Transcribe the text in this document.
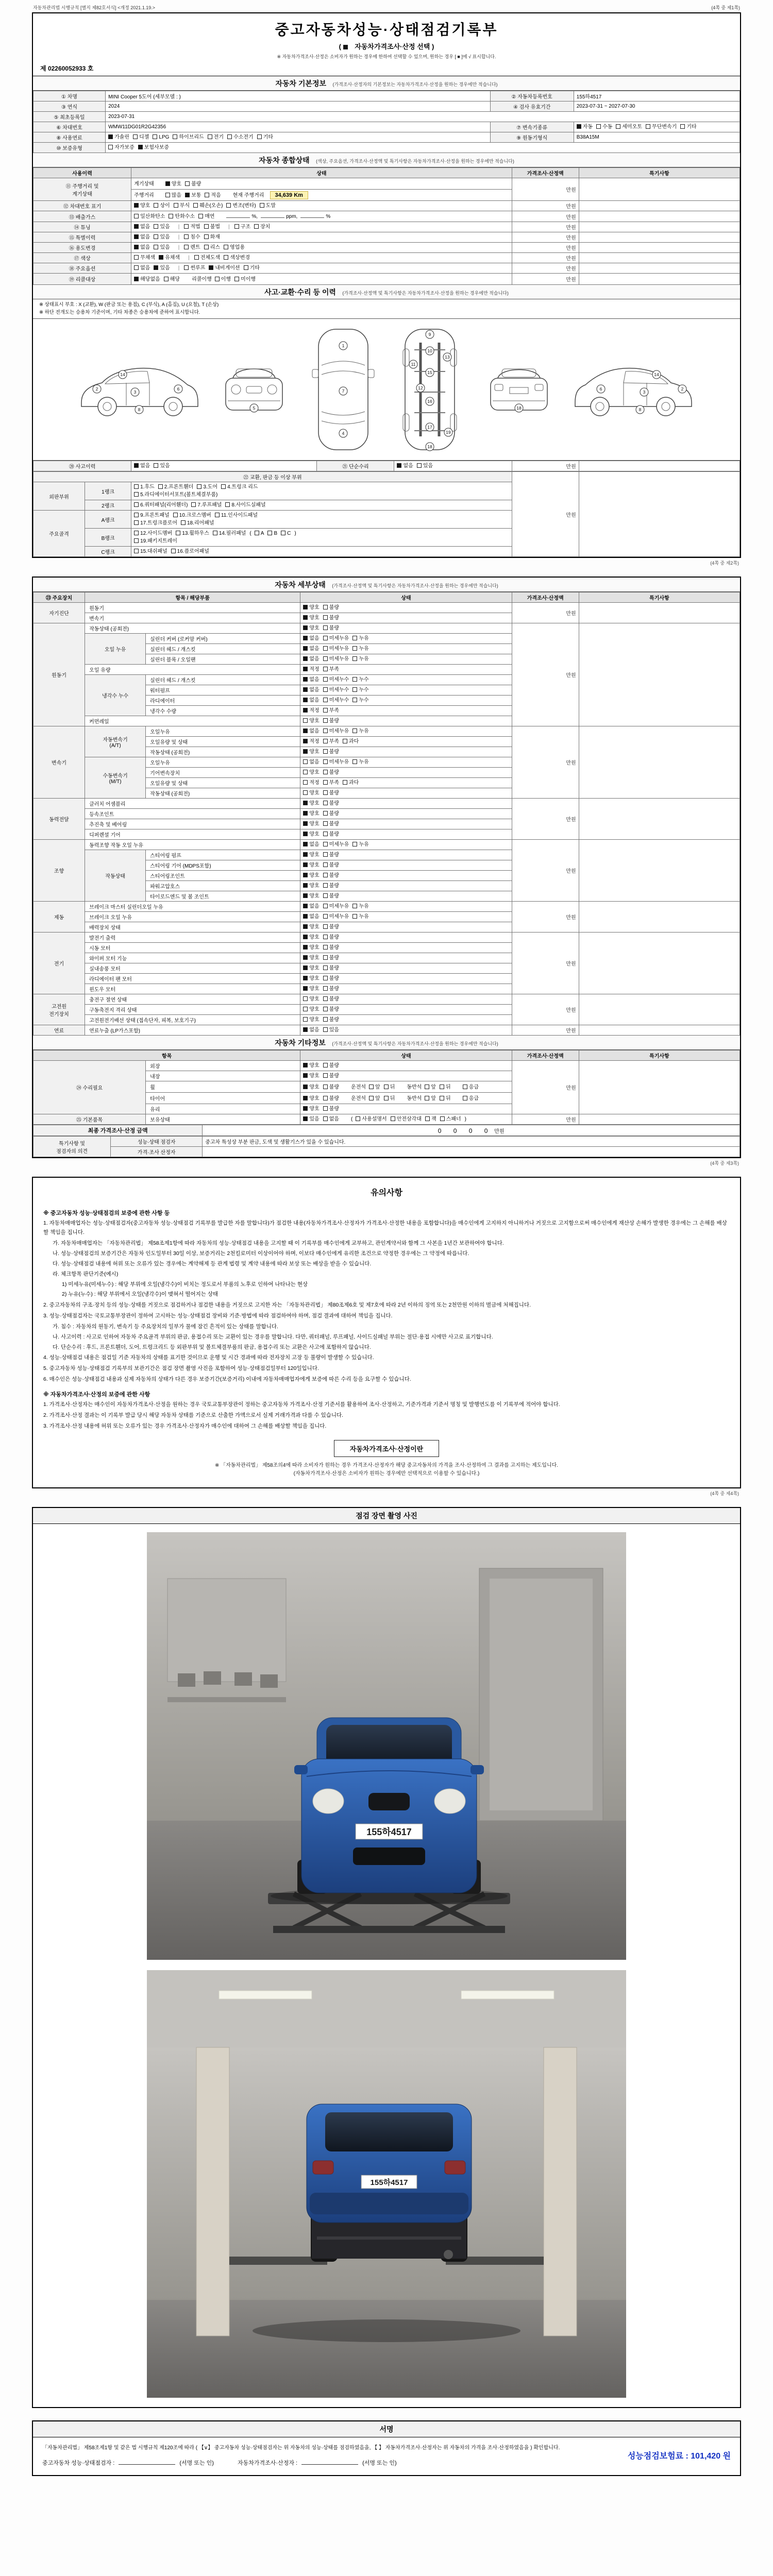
자동차관리법 시행규칙 [별지 제82호서식] <개정 2021.1.19.>	(4쪽 중 제1쪽)
중고자동차성능·상태점검기록부
( 자동차가격조사·산정 선택 )
※ 자동차가격조사·산정은 소비자가 원하는 경우에 한하여 선택할 수 있으며, 원하는 경우 [ ■ ]에 √ 표시합니다.
제 02260052933 호
자동차 기본정보 (가격조사·산정자의 기본정보는 자동차가격조사·산정을 원하는 경우에만 적습니다)
① 차명	MINI Cooper 5도어 (세부모델 : )	② 자동차등록번호	155하4517
③ 연식	2024	④ 검사 유효기간	2023-07-31 ~ 2027-07-30
⑤ 최초등록일	2023-07-31		
⑥ 차대번호	WMW11DG01R2G42356	⑦ 변속기종류	자동 수동 세미오토 무단변속기 기타
⑧ 사용연료	가솔린 디젤 LPG 하이브리드 전기 수소전기 기타	⑨ 원동기형식	B38A15M
⑩ 보증유형	자가보증 보험사보증		
자동차 종합상태 (색상, 주요옵션, 가격조사·산정액 및 특기사항은 자동차가격조사·산정을 원하는 경우에만 적습니다)
사용이력	상태	가격조사·산정액	특기사항
⑪ 주행거리 및
계기상태	계기상태 양호 불량	만원	
	주행거리 많음 보통 적음 현재 주행거리 34,639 Km		
⑫ 차대번호 표기	양호 상이 부식 훼손(오손) 변조(변타) 도말	만원	
⑬ 배출가스	일산화탄소 탄화수소 매연 %, ppm, %	만원	
⑭ 튜닝	없음 있음 | 적법 불법 | 구조 장치	만원	
⑮ 특별이력	없음 있음 | 침수 화재	만원	
⑯ 용도변경	없음 있음 | 렌트 리스 영업용	만원	
⑰ 색상	무채색 유채색 | 전체도색 색상변경	만원	
⑱ 주요옵션	없음 있음 | 썬루프 내비게이션 기타	만원	
⑲ 리콜대상	해당없음 해당 리콜이행 이행 미이행	만원	
사고·교환·수리 등 이력 (가격조사·산정액 및 특기사항은 자동차가격조사·산정을 원하는 경우에만 적습니다)
※ 상태표시 부호 : X (교환), W (판금 또는 용접), C (부식), A (흠집), U (요철), T (손상)
※ 하단 전개도는 승용차 기준이며, 기타 차종은 승용차에 준하여 표시합니다.
2
3
6
8
14
5
1
7
4
9
10
11
12
13
15
16
17
18
19
18
2
3
6
8
14
⑳ 사고이력	없음 있음	㉑ 단순수리	없음 있음	만원	
㉒ 교환, 판금 등 이상 부위			만원	
외판부위	1랭크	1.후드 2.프론트휀더 3.도어 4.트렁크 리드
5.라디에이터서포트(볼트체결부품)		
	2랭크	6.쿼터패널(리어휀더) 7.루프패널 8.사이드실패널		
주요골격	A랭크	9.프론트패널 10.크로스멤버 11.인사이드패널
17.트렁크플로어 18.리어패널		
	B랭크	12.사이드멤버 13.휠하우스 14.필러패널 ( A B C )
19.패키지트레이		
	C랭크	15.대쉬패널 16.플로어패널		
(4쪽 중 제2쪽)
자동차 세부상태 (가격조사·산정액 및 특기사항은 자동차가격조사·산정을 원하는 경우에만 적습니다)
㉓ 주요장치	항목 / 해당부품		상태	가격조사·산정액	특기사항
자기진단	원동기		양호 불량	만원	
	변속기		양호 불량		
원동기	작동상태 (공회전)		양호 불량	만원	
	오일 누유	실린더 커버 (로커암 커버)	없음 미세누유 누유		
		실린더 헤드 / 개스킷	없음 미세누유 누유		
		실린더 블록 / 오일팬	없음 미세누유 누유		
	오일 유량		적정 부족		
	냉각수 누수	실린더 헤드 / 개스킷	없음 미세누수 누수		
		워터펌프	없음 미세누수 누수		
		라디에이터	없음 미세누수 누수		
		냉각수 수량	적정 부족		
	커먼레일		양호 불량		
변속기	자동변속기
(A/T)	오일누유	없음 미세누유 누유	만원	
		오일유량 및 상태	적정 부족 과다		
		작동상태 (공회전)	양호 불량		
	수동변속기
(M/T)	오일누유	없음 미세누유 누유		
		기어변속장치	양호 불량		
		오일유량 및 상태	적정 부족 과다		
		작동상태 (공회전)	양호 불량		
동력전달	클러치 어셈블리		양호 불량	만원	
	등속조인트		양호 불량		
	추진축 및 베어링		양호 불량		
	디퍼렌셜 기어		양호 불량		
조향	동력조향 작동 오일 누유		없음 미세누유 누유	만원	
	작동상태	스티어링 펌프	양호 불량		
		스티어링 기어 (MDPS포함)	양호 불량		
		스티어링조인트	양호 불량		
		파워고압호스	양호 불량		
		타이로드엔드 및 볼 조인트	양호 불량		
제동	브레이크 마스터 실린더오일 누유		없음 미세누유 누유	만원	
	브레이크 오일 누유		없음 미세누유 누유		
	배력장치 상태		양호 불량		
전기	발전기 출력		양호 불량	만원	
	시동 모터		양호 불량		
	와이퍼 모터 기능		양호 불량		
	실내송풍 모터		양호 불량		
	라디에이터 팬 모터		양호 불량		
	윈도우 모터		양호 불량		
고전원
전기장치	충전구 절연 상태		양호 불량	만원	
	구동축전지 격리 상태		양호 불량		
	고전원전기배선 상태 (접속단자, 피복, 보호기구)		양호 불량		
연료	연료누출 (LP가스포함)		없음 있음	만원	
자동차 기타정보 (가격조사·산정액 및 특기사항은 자동차가격조사·산정을 원하는 경우에만 적습니다)
항목		상태	가격조사·산정액	특기사항
㉔ 수리필요	외장	양호 불량	만원	
	내장	양호 불량		
	휠	양호 불량 운전석 앞 뒤 동반석 앞 뒤 응급		
	타이어	양호 불량 운전석 앞 뒤 동반석 앞 뒤 응급		
	유리	양호 불량		
㉕ 기본품목	보유상태	있음 없음 ( 사용설명서 안전삼각대 잭 스패너 )	만원	
최종 가격조사·산정 금액	0 0 0 0 만원
특기사항 및
점검자의 의견	성능·상태 점검자	중고차 특성상 부분 판금, 도색 및 생활기스가 있을 수 있습니다.
	가격·조사 산정자	
(4쪽 중 제3쪽)
유의사항
※ 중고자동차 성능·상태점검의 보증에 관한 사항 등
1. 자동차매매업자는 성능·상태점검자(중고자동차 성능·상태점검 기록부를 발급한 자를 말합니다)가 점검한 내용(자동차가격조사·산정자가 가격조사·산정한 내용을 포함합니다)을 매수인에게 고지하지 아니하거나 거짓으로 고지함으로써 매수인에게 재산상 손해가 발생한 경우에는 그 손해를 배상할 책임을 집니다.
가. 자동차매매업자는 「자동차관리법」 제58조제1항에 따라 자동차의 성능·상태점검 내용을 고지할 때 이 기록부를 매수인에게 교부하고, 관인계약서와 함께 그 사본을 1년간 보관하여야 합니다.
나. 성능·상태점검의 보증기간은 자동차 인도일부터 30일 이상, 보증거리는 2천킬로미터 이상이어야 하며, 이보다 매수인에게 유리한 조건으로 약정한 경우에는 그 약정에 따릅니다.
다. 성능·상태점검 내용에 허위 또는 오류가 있는 경우에는 계약해제 등 관계 법령 및 계약 내용에 따라 보상 또는 배상을 받을 수 있습니다.
라. 체크항목 판단기준(예시)
1) 미세누유(미세누수) : 해당 부위에 오일(냉각수)이 비치는 정도로서 부품의 노후로 인하여 나타나는 현상
2) 누유(누수) : 해당 부위에서 오일(냉각수)이 맺혀서 떨어지는 상태
2. 중고자동차의 구조·장치 등의 성능·상태를 거짓으로 점검하거나 점검한 내용을 거짓으로 고지한 자는 「자동차관리법」 제80조제6호 및 제7호에 따라 2년 이하의 징역 또는 2천만원 이하의 벌금에 처해집니다.
3. 성능·상태점검자는 국토교통부장관이 정하여 고시하는 성능·상태점검 장비와 기준·방법에 따라 점검하여야 하며, 점검 결과에 대하여 책임을 집니다.
가. 침수 : 자동차의 원동기, 변속기 등 주요장치의 일부가 물에 잠긴 흔적이 있는 상태를 말합니다.
나. 사고이력 : 사고로 인하여 자동차 주요골격 부위의 판금, 용접수리 또는 교환이 있는 경우를 말합니다. 다만, 쿼터패널, 루프패널, 사이드실패널 부위는 절단·용접 시에만 사고로 표기합니다.
다. 단순수리 : 후드, 프론트휀더, 도어, 트렁크리드 등 외판부위 및 볼트체결부품의 판금, 용접수리 또는 교환은 사고에 포함하지 않습니다.
4. 성능·상태점검 내용은 점검일 기준 자동차의 상태를 표기한 것이므로 운행 및 시간 경과에 따라 전자장치 고장 등 불량이 발생할 수 있습니다.
5. 중고자동차 성능·상태점검 기록부의 보관기간은 점검 장면 촬영 사진을 포함하여 성능·상태점검일부터 120일입니다.
6. 매수인은 성능·상태점검 내용과 실제 자동차의 상태가 다른 경우 보증기간(보증거리) 이내에 자동차매매업자에게 보증에 따른 수리 등을 요구할 수 있습니다.
※ 자동차가격조사·산정의 보증에 관한 사항
1. 가격조사·산정자는 매수인이 자동차가격조사·산정을 원하는 경우 국토교통부장관이 정하는 중고자동차 가격조사·산정 기준서를 활용하여 조사·산정하고, 기준가격과 기준서 명칭 및 발행연도를 이 기록부에 적어야 합니다.
2. 가격조사·산정 결과는 이 기록부 발급 당시 해당 자동차 상태를 기준으로 산출한 가액으로서 실제 거래가격과 다를 수 있습니다.
3. 가격조사·산정 내용에 허위 또는 오류가 있는 경우 가격조사·산정자가 매수인에 대하여 그 손해를 배상할 책임을 집니다.
자동차가격조사·산정이란
※ 「자동차관리법」 제58조의4에 따라 소비자가 원하는 경우 가격조사·산정자가 해당 중고자동차의 가격을 조사·산정하여 그 결과를 고지하는 제도입니다.
(자동차가격조사·산정은 소비자가 원하는 경우에만 선택적으로 이용할 수 있습니다.)
(4쪽 중 제4쪽)
점검 장면 촬영 사진
155하4517
155하4517
서명
「자동차관리법」 제58조제1항 및 같은 법 시행규칙 제120조에 따라 ( 【∨】 중고자동차 성능·상태점검자는 위 자동차의 성능·상태를 점검하였음을, 【 】 자동차가격조사·산정자는 위 자동차의 가격을 조사·산정하였음을 ) 확인합니다.
중고자동차 성능·상태점검자 :	(서명 또는 인)	자동차가격조사·산정자 :	(서명 또는 인)
성능점검보험료 : 101,420 원
